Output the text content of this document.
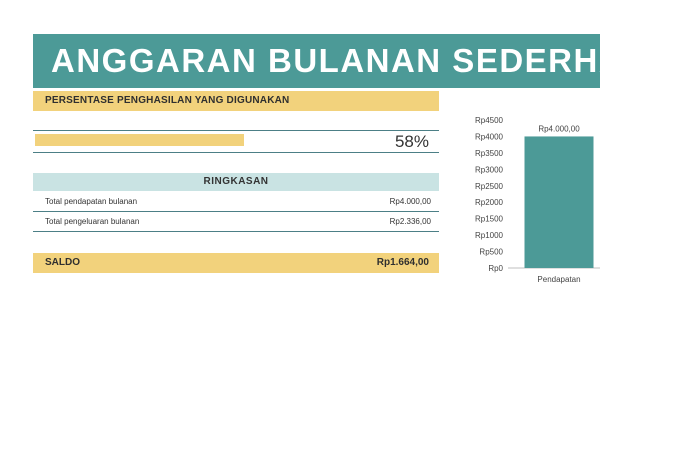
ANGGARAN BULANAN SEDERHANA
PERSENTASE PENGHASILAN YANG DIGUNAKAN
58%
RINGKASAN
Total pendapatan bulanan	Rp4.000,00
Total pengeluaran bulanan	Rp2.336,00
SALDO	Rp1.664,00
Rp0
Rp500
Rp1000
Rp1500
Rp2000
Rp2500
Rp3000
Rp3500
Rp4000
Rp4500
Rp4.000,00
Pendapatan
